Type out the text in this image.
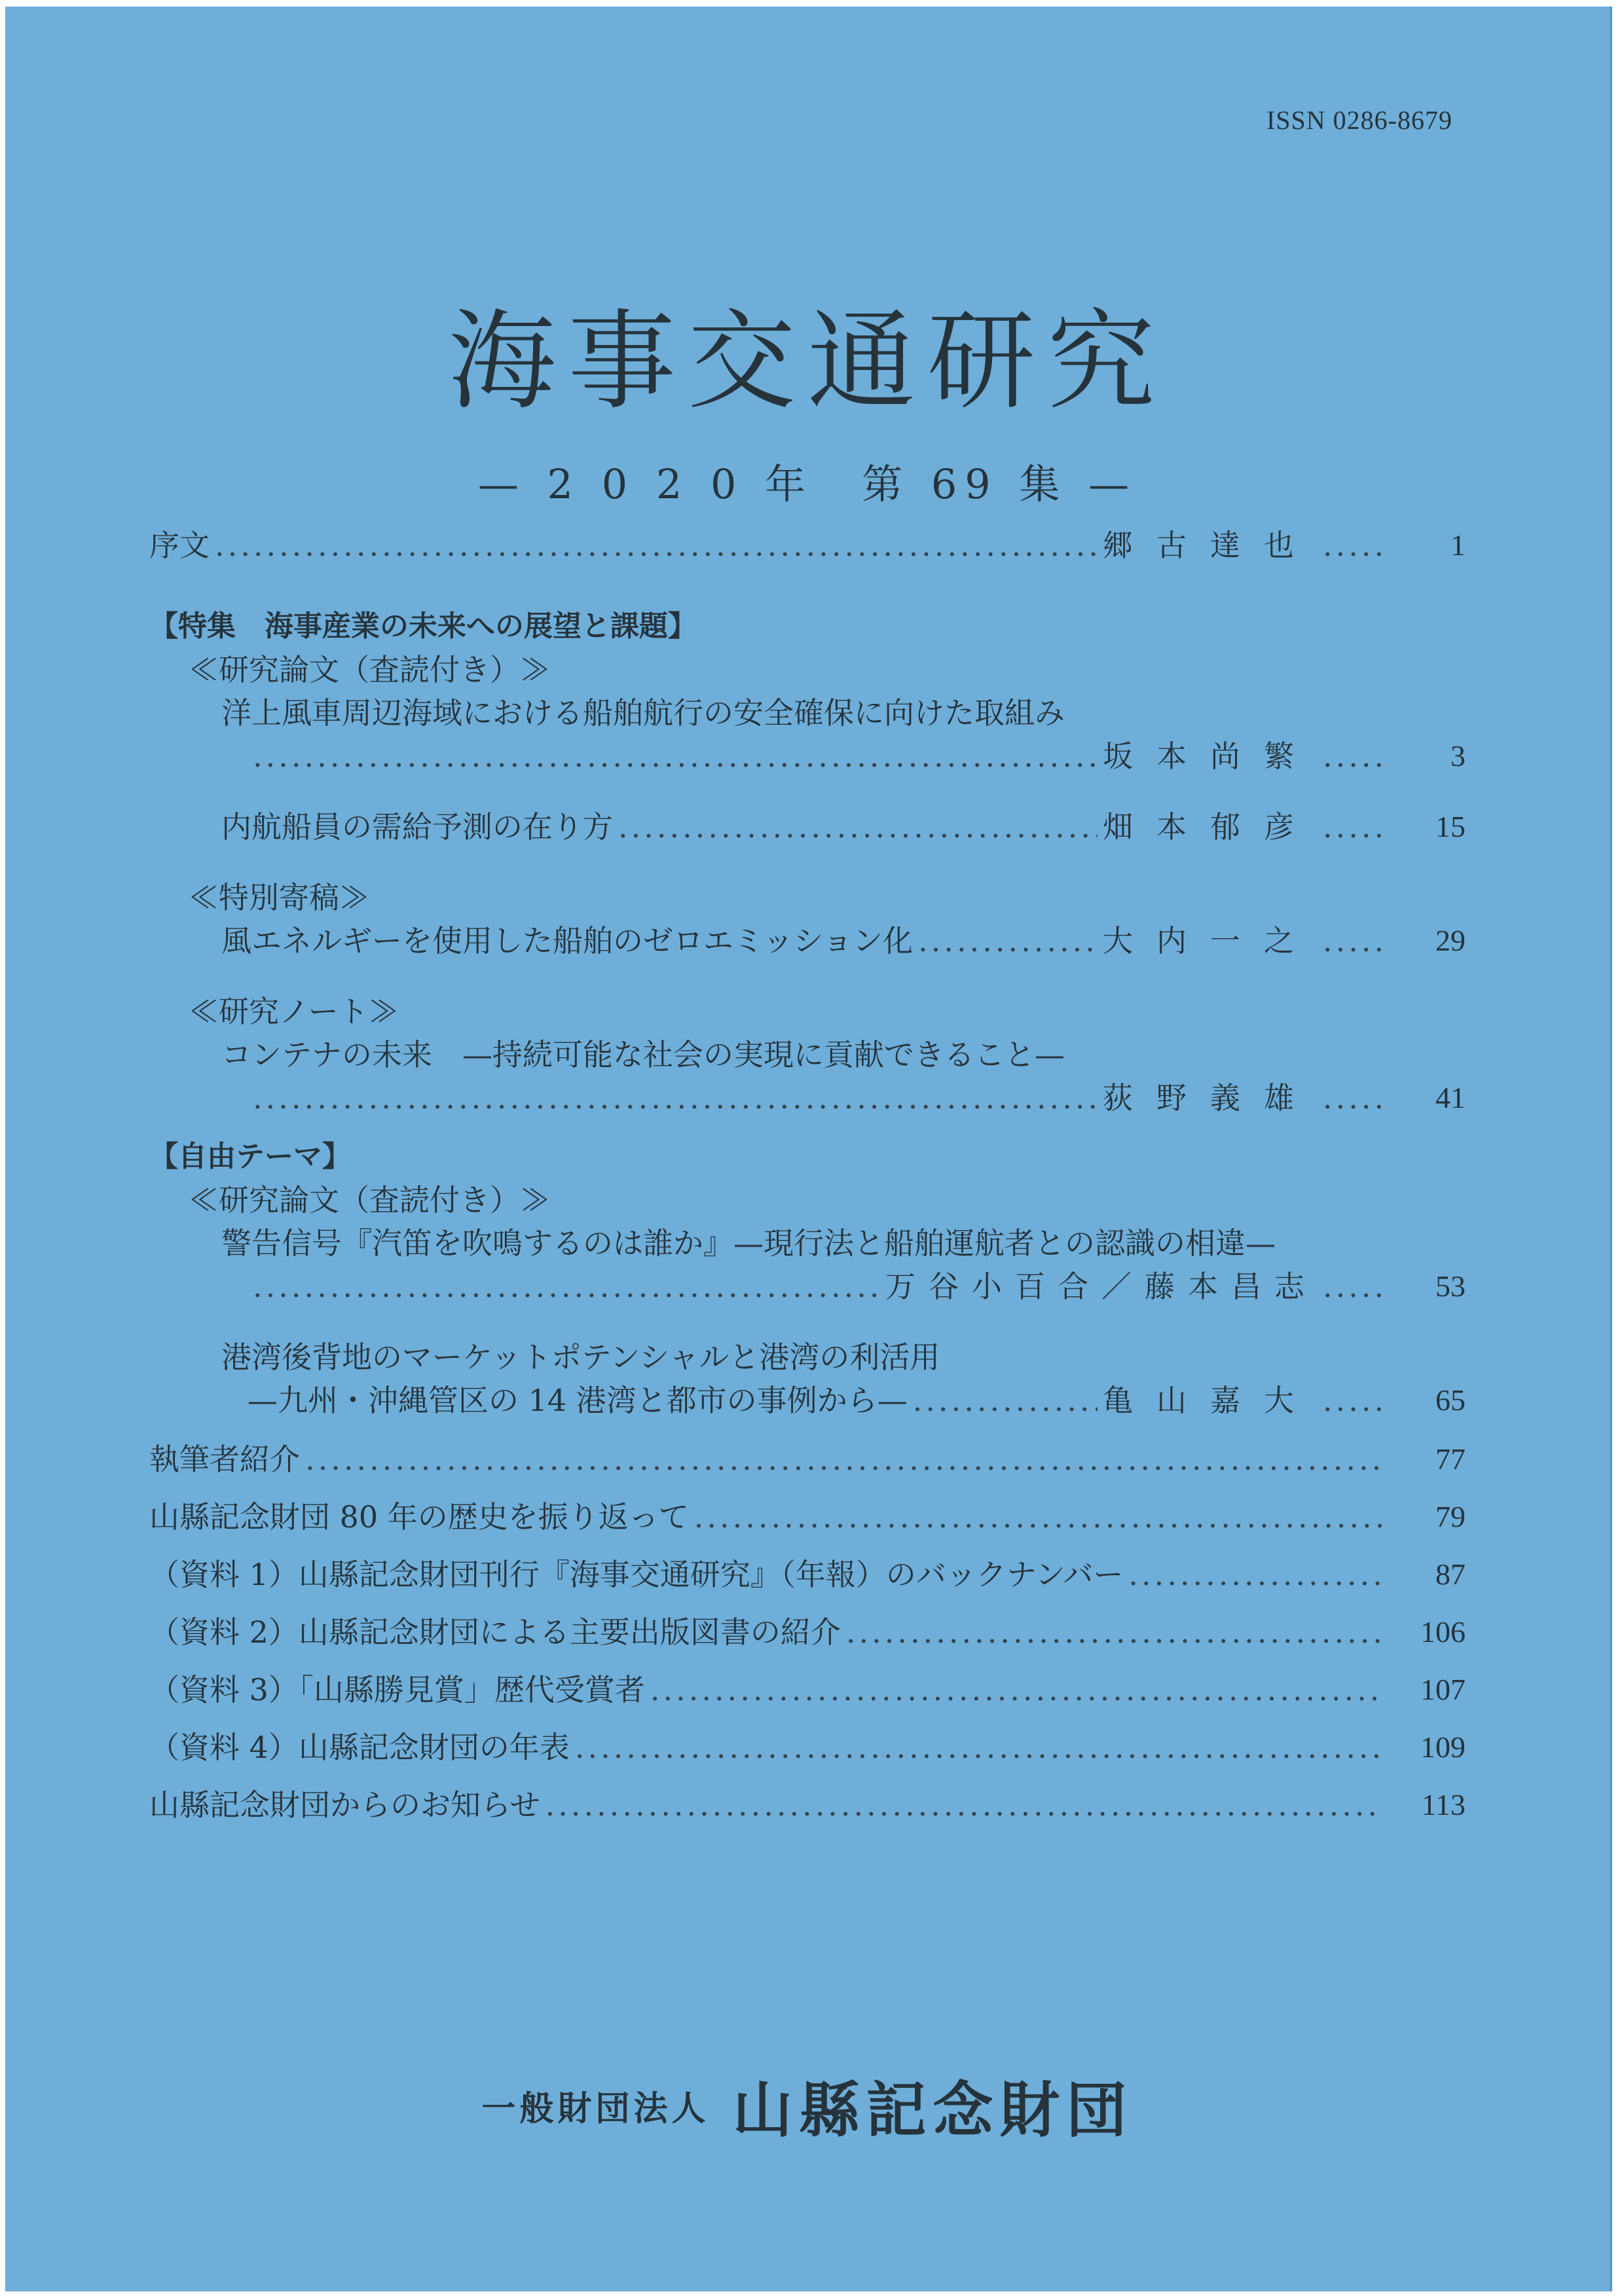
ISSN 0286-8679
海事交通研究
— 2 0 2 0 年　第 69 集 —
序文 .....	郷古達也 .....	1
【特集　海事産業の未来への展望と課題】
≪研究論文（査読付き）≫
洋上風車周辺海域における船舶航行の安全確保に向けた取組み
.....
坂本尚繁 .....	3
内航船員の需給予測の在り方 .....	畑本郁彦 .....	15
≪特別寄稿≫
風エネルギーを使用した船舶のゼロエミッション化 .....	大内一之 .....	29
≪研究ノート≫
コンテナの未来　—持続可能な社会の実現に貢献できること—
.....
荻野義雄 .....	41
【自由テーマ】
≪研究論文（査読付き）≫
警告信号『汽笛を吹鳴するのは誰か』—現行法と船舶運航者との認識の相違—
.....
万谷小百合／藤本昌志 .....	53
港湾後背地のマーケットポテンシャルと港湾の利活用
—九州・沖縄管区の 14 港湾と都市の事例から— .....	亀山嘉大 .....	65
執筆者紹介 .....	77
山縣記念財団 80 年の歴史を振り返って .....	79
（資料 1）山縣記念財団刊行『海事交通研究』（年報）のバックナンバー .....	87
（資料 2）山縣記念財団による主要出版図書の紹介 .....	106
（資料 3）「山縣勝見賞」歴代受賞者 .....	107
（資料 4）山縣記念財団の年表 .....	109
山縣記念財団からのお知らせ .....	113
一般財団法人 山縣記念財団
